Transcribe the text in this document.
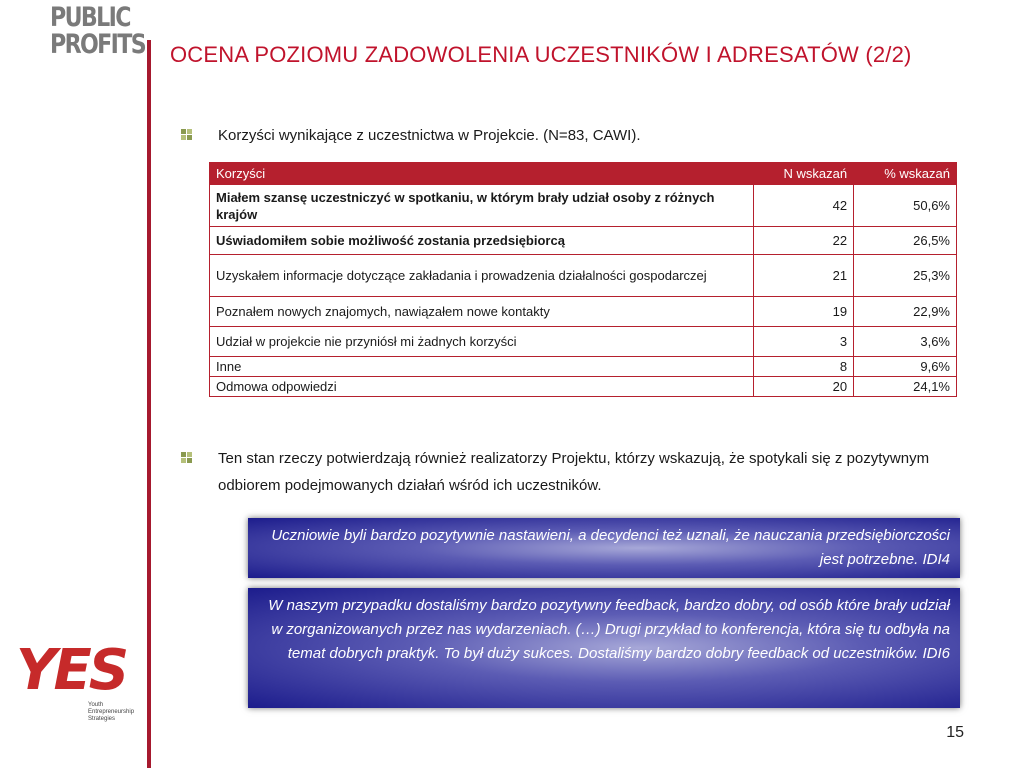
PUBLIC
PROFITS OCENA POZIOMU ZADOWOLENIA UCZESTNIKÓW I ADRESATÓW (2/2)
Korzyści wynikające z uczestnictwa w Projekcie. (N=83, CAWI).
Korzyści	N wskazań	% wskazań
Miałem szansę uczestniczyć w spotkaniu, w którym brały udział osoby z różnych krajów	42	50,6%
Uświadomiłem sobie możliwość zostania przedsiębiorcą	22	26,5%
Uzyskałem informacje dotyczące zakładania i prowadzenia działalności gospodarczej	21	25,3%
Poznałem nowych znajomych, nawiązałem nowe kontakty	19	22,9%
Udział w projekcie nie przyniósł mi żadnych korzyści	3	3,6%
Inne	8	9,6%
Odmowa odpowiedzi	20	24,1%
Ten stan rzeczy potwierdzają również realizatorzy Projektu, którzy wskazują, że spotykali się z pozytywnym odbiorem podejmowanych działań wśród ich uczestników.
Uczniowie byli bardzo pozytywnie nastawieni, a decydenci też uznali, że nauczania przedsiębiorczości jest potrzebne. IDI4
W naszym przypadku dostaliśmy bardzo pozytywny feedback, bardzo dobry, od osób które brały udział w zorganizowanych przez nas wydarzeniach. (…) Drugi przykład to konferencja, która się tu odbyła na temat dobrych praktyk. To był duży sukces. Dostaliśmy bardzo dobry feedback od uczestników. IDI6
YES
Youth
Entrepreneurship
Strategies
15
